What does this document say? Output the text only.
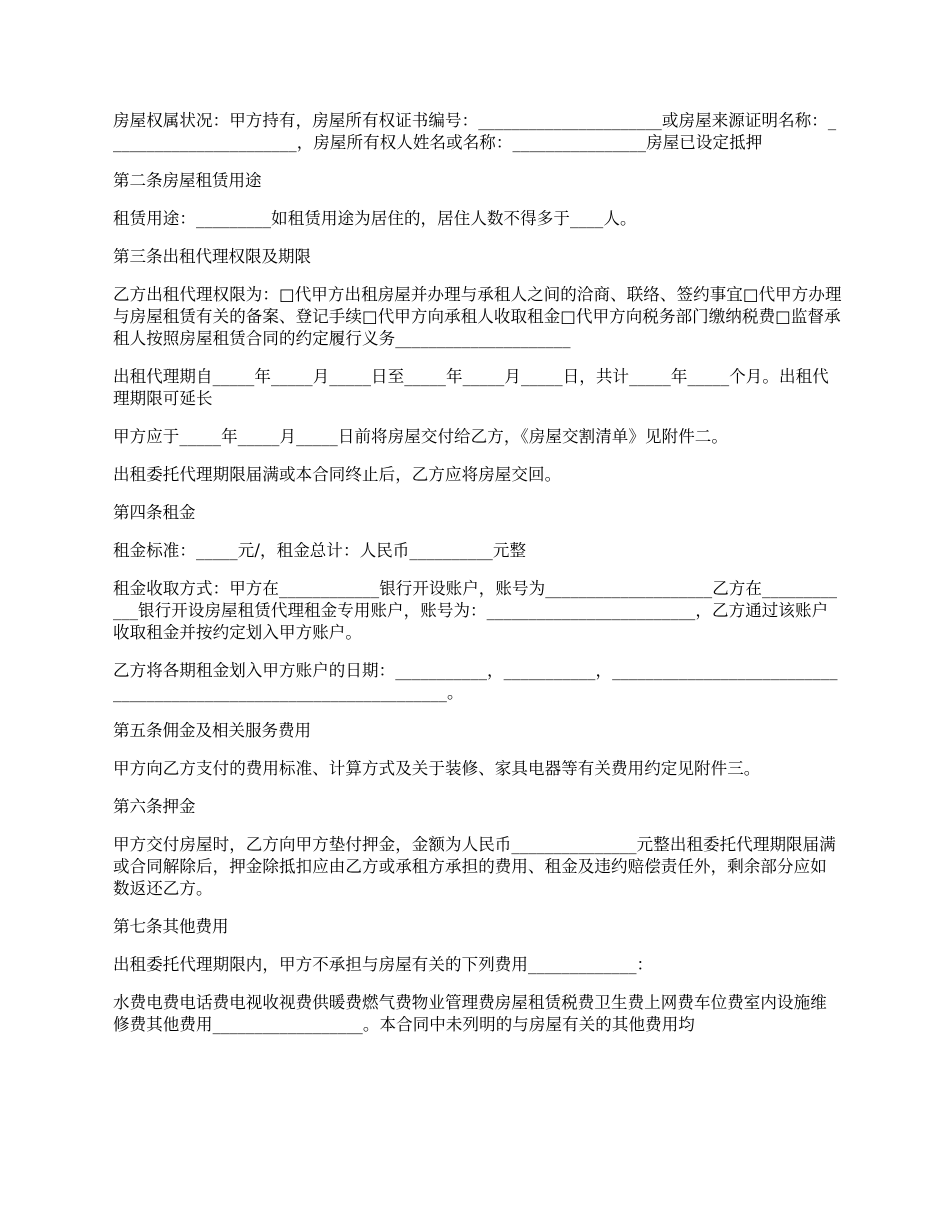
房屋权属状况：甲方持有，房屋所有权证书编号：______________________或房屋来源证明名称：_______________________，房屋所有权人姓名或名称：________________房屋已设定抵押

第二条房屋租赁用途

租赁用途：_________如租赁用途为居住的，居住人数不得多于____人。

第三条出租代理权限及期限

乙方出租代理权限为：□代甲方出租房屋并办理与承租人之间的洽商、联络、签约事宜□代甲方办理与房屋租赁有关的备案、登记手续□代甲方向承租人收取租金□代甲方向税务部门缴纳税费□监督承租人按照房屋租赁合同的约定履行义务_____________________

出租代理期自_____年_____月_____日至_____年_____月_____日，共计_____年_____个月。出租代理期限可延长

甲方应于_____年_____月_____日前将房屋交付给乙方，《房屋交割清单》见附件二。

出租委托代理期限届满或本合同终止后，乙方应将房屋交回。

第四条租金

租金标准：_____元/，租金总计：人民币__________元整

租金收取方式：甲方在____________银行开设账户，账号为____________________乙方在____________银行开设房屋租赁代理租金专用账户，账号为：_________________________，乙方通过该账户收取租金并按约定划入甲方账户。

乙方将各期租金划入甲方账户的日期：___________，___________，___________________________________________________________________。

第五条佣金及相关服务费用

甲方向乙方支付的费用标准、计算方式及关于装修、家具电器等有关费用约定见附件三。

第六条押金

甲方交付房屋时，乙方向甲方垫付押金，金额为人民币_______________元整出租委托代理期限届满或合同解除后，押金除抵扣应由乙方或承租方承担的费用、租金及违约赔偿责任外，剩余部分应如数返还乙方。

第七条其他费用

出租委托代理期限内，甲方不承担与房屋有关的下列费用_____________：

水费电费电话费电视收视费供暖费燃气费物业管理费房屋租赁税费卫生费上网费车位费室内设施维修费其他费用__________________。本合同中未列明的与房屋有关的其他费用均
